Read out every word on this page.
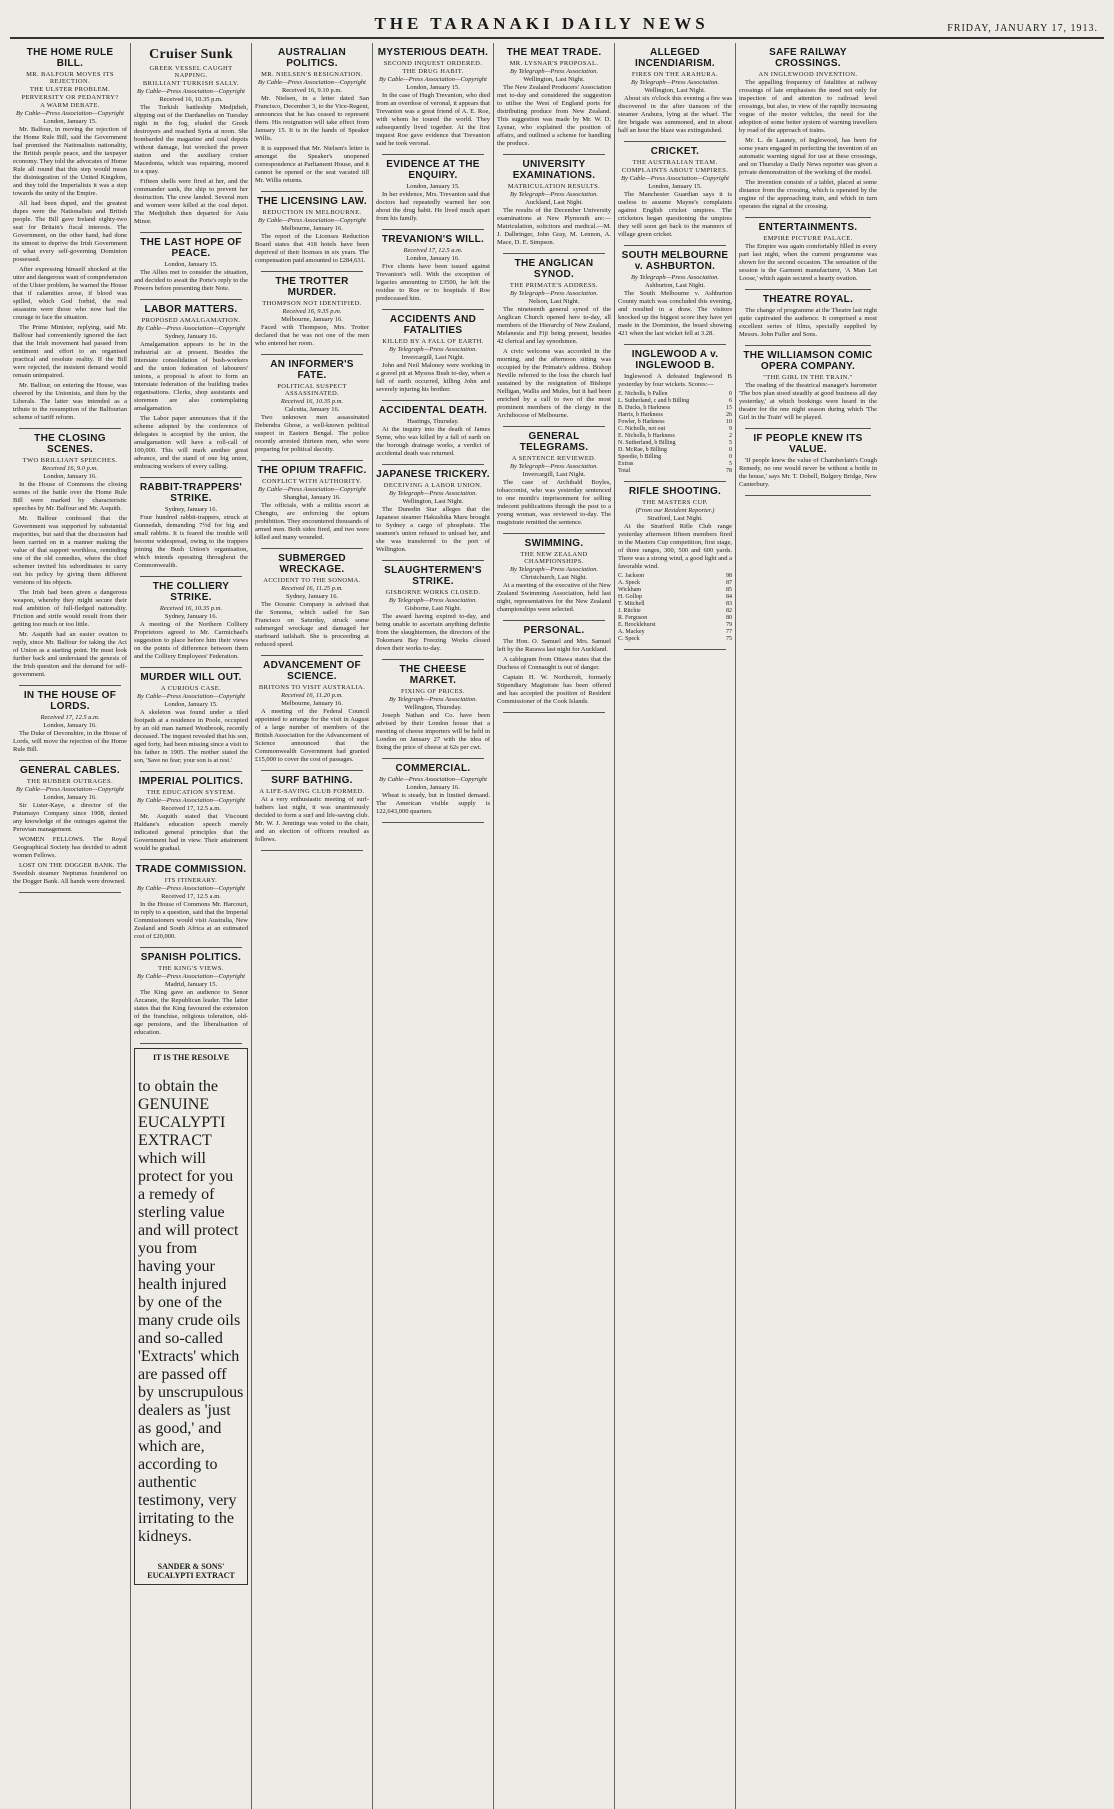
THE TARANAKI DAILY NEWS	FRIDAY, JANUARY 17, 1913.
THE HOME RULE BILL.
MR. BALFOUR MOVES ITS REJECTION.
THE ULSTER PROBLEM.
PERVERSITY OR PEDANTRY?
A WARM DEBATE.
By Cable—Press Association—Copyright
London, January 15.

Mr. Balfour, in moving the rejection of the Home Rule Bill, said the Government had promised the Nationalists nationality, the British people peace, and the taxpayer economy. They told the advocates of Home Rule all round that this step would mean the disintegration of the United Kingdom, and they told the Imperialists it was a step towards the unity of the Empire.

All had been duped, and the greatest dupes were the Nationalists and British people. The Bill gave Ireland eighty-two seat for Britain's fiscal interests. The Government, on the other hand, had done its utmost to deprive the Irish Government of what every self-governing Dominion possessed.

After expressing himself shocked at the utter and dangerous want of comprehension of the Ulster problem, he warned the House that if calamities arose, if blood was spilled, which God forbid, the real assassins were those who now had the courage to face the situation.

The Prime Minister, replying, said Mr. Balfour had conveniently ignored the fact that the Irish movement had passed from sentiment and effort to an organised practical and resolute reality. If the Bill were rejected, the insistent demand would remain unimpaired.

Mr. Balfour, on entering the House, was cheered by the Unionists, and then by the Liberals. The latter was intended as a tribute to the resumption of the Balfourian scheme of tariff reform.

THE CLOSING SCENES.
TWO BRILLIANT SPEECHES.
Received 16, 9.0 p.m.
London, January 16.

In the House of Commons the closing scenes of the battle over the Home Rule Bill were marked by characteristic speeches by Mr. Balfour and Mr. Asquith.

Mr. Balfour confessed that the Government was supported by substantial majorities, but said that the discussion had been carried on in a manner making the value of that support worthless, reminding one of the old comedies, where the chief schemer invited his subordinates to carry out his policy by giving them different versions of his objects.

The Irish had been given a dangerous weapon, whereby they might secure their real ambition of full-fledged nationality. Friction and strife would result from their getting too much or too little.

Mr. Asquith had an easier ovation to reply, since Mr. Balfour for taking the Act of Union as a starting point. He must look further back and understand the genesis of the Irish question and the demand for self-government.

IN THE HOUSE OF LORDS.
Received 17, 12.5 a.m.
London, January 16.

The Duke of Devonshire, in the House of Lords, will move the rejection of the Home Rule Bill.

GENERAL CABLES.
THE RUBBER OUTRAGES.
By Cable—Press Association—Copyright
London, January 16.

Sir Lister-Kaye, a director of the Putumayo Company since 1908, denied any knowledge of the outrages against the Peruvian management.

WOMEN FELLOWS. The Royal Geographical Society has decided to admit women Fellows.

LOST ON THE DOGGER BANK. The Swedish steamer Neptunus foundered on the Dogger Bank. All hands were drowned.

Cruiser Sunk
GREEK VESSEL CAUGHT NAPPING.
BRILLIANT TURKISH SALLY.
By Cable—Press Association—Copyright
Received 16, 10.35 p.m.

The Turkish battleship Medjidieh, slipping out of the Dardanelles on Tuesday night in the fog, eluded the Greek destroyers and reached Syria at noon. She bombarded the magazine and coal depots without damage, but wrecked the power station and the auxiliary cruiser Macedonia, which was repairing, moored to a quay.

Fifteen shells were fired at her, and the commander sank, the ship to prevent her destruction. The crew landed. Several men and women were killed at the coal depot. The Medjidieh then departed for Asia Minor.

THE LAST HOPE OF PEACE.
London, January 15.

The Allies met to consider the situation, and decided to await the Porte's reply to the Powers before presenting their Note.

LABOR MATTERS.
PROPOSED AMALGAMATION.
By Cable—Press Association—Copyright
Sydney, January 16.

Amalgamation appears to be in the industrial air at present. Besides the interstate consolidation of bush-workers and the union federation of labourers' unions, a proposal is afoot to form an interstate federation of the building trades organisations. Clerks, shop assistants and storemen are also contemplating amalgamation.

The Labor paper announces that if the scheme adopted by the conference of delegates is accepted by the union, the amalgamation will have a roll-call of 100,000. This will mark another great advance, and the stand of one big union, embracing workers of every calling.

RABBIT-TRAPPERS' STRIKE.
Sydney, January 16.

Four hundred rabbit-trappers, struck at Gunnedah, demanding 7½d for big and small rabbits. It is feared the trouble will become widespread, owing to the trappers joining the Bush Union's organisation, which intends operating throughout the Commonwealth.

THE COLLIERY STRIKE.
Received 16, 10.35 p.m.
Sydney, January 16.

A meeting of the Northern Colliery Proprietors agreed to Mr. Carmichael's suggestion to place before him their views on the points of difference between them and the Colliery Employees' Federation.

MURDER WILL OUT.
A CURIOUS CASE.
By Cable—Press Association—Copyright
London, January 15.

A skeleton was found under a tiled footpath at a residence in Poole, occupied by an old man named Westbrook, recently deceased. The inquest revealed that his son, aged forty, had been missing since a visit to his father in 1905. The mother stated the son, 'Save no fear; your son is at rest.'

IMPERIAL POLITICS.
THE EDUCATION SYSTEM.
By Cable—Press Association—Copyright
Received 17, 12.5 a.m.

Mr. Asquith stated that Viscount Haldane's education speech merely indicated general principles that the Government had in view. Their attainment would be gradual.

TRADE COMMISSION.
ITS ITINERARY.
By Cable—Press Association—Copyright
Received 17, 12.5 a.m.

In the House of Commons Mr. Harcourt, in reply to a question, said that the Imperial Commissioners would visit Australia, New Zealand and South Africa at an estimated cost of £20,000.

SPANISH POLITICS.
THE KING'S VIEWS.
By Cable—Press Association—Copyright
Madrid, January 15.

The King gave an audience to Senor Azcarate, the Republican leader. The latter states that the King favoured the extension of the franchise, religious toleration, old-age pensions, and the liberalisation of education.

IT IS THE RESOLVE

to obtain the GENUINE EUCALYPTI EXTRACT which will protect for you a remedy of sterling value and will protect you from having your health injured by one of the many crude oils and so-called 'Extracts' which are passed off by unscrupulous dealers as 'just as good,' and which are, according to authentic testimony, very irritating to the kidneys.

SANDER & SONS' EUCALYPTI EXTRACT
AUSTRALIAN POLITICS.
MR. NIELSEN'S RESIGNATION.
By Cable—Press Association—Copyright
Received 16, 9.10 p.m.

Mr. Nielsen, in a letter dated San Francisco, December 3, to the Vice-Regent, announces that he has ceased to represent them. His resignation will take effect from January 15. It is in the hands of Speaker Willis.

It is supposed that Mr. Nielsen's letter is amongst the Speaker's unopened correspondence at Parliament House, and it cannot be opened or the seat vacated till Mr. Willis returns.

THE LICENSING LAW.
REDUCTION IN MELBOURNE.
By Cable—Press Association—Copyright
Melbourne, January 16.

The report of the Licenses Reduction Board states that 418 hotels have been deprived of their licenses in six years. The compensation paid amounted to £284,631.

THE TROTTER MURDER.
THOMPSON NOT IDENTIFIED.
Received 16, 9.35 p.m.
Melbourne, January 16.

Faced with Thompson, Mrs. Trotter declared that he was not one of the men who entered her room.

AN INFORMER'S FATE.
POLITICAL SUSPECT ASSASSINATED.
Received 16, 10.35 p.m.
Calcutta, January 16.

Two unknown men assassinated Debendra Ghose, a well-known political suspect in Eastern Bengal. The police recently arrested thirteen men, who were preparing for political dacoity.

THE OPIUM TRAFFIC.
CONFLICT WITH AUTHORITY.
By Cable—Press Association—Copyright
Shanghai, January 16.

The officials, with a militia escort at Chengtu, are enforcing the opium prohibition. They encountered thousands of armed men. Both sides fired, and two were killed and many wounded.

SUBMERGED WRECKAGE.
ACCIDENT TO THE SONOMA.
Received 16, 11.25 p.m.
Sydney, January 16.

The Oceanic Company is advised that the Sonoma, which sailed for San Francisco on Saturday, struck some submerged wreckage and damaged her starboard tailshaft. She is proceeding at reduced speed.

ADVANCEMENT OF SCIENCE.
BRITONS TO VISIT AUSTRALIA.
Received 16, 11.20 p.m.
Melbourne, January 16.

A meeting of the Federal Council appointed to arrange for the visit in August of a large number of members of the British Association for the Advancement of Science announced that the Commonwealth Government had granted £15,000 to cover the cost of passages.

SURF BATHING.
A LIFE-SAVING CLUB FORMED.

At a very enthusiastic meeting of surf-bathers last night, it was unanimously decided to form a surf and life-saving club. Mr. W. J. Jennings was voted to the chair, and an election of officers resulted as follows.

MYSTERIOUS DEATH.
SECOND INQUEST ORDERED.
THE DRUG HABIT.
By Cable—Press Association—Copyright
London, January 15.

In the case of Hugh Trevanion, who died from an overdose of veronal, it appears that Trevanion was a great friend of A. E. Roe, with whom he toured the world. They subsequently lived together. At the first inquest Roe gave evidence that Trevanion said he took veronal.

EVIDENCE AT THE ENQUIRY.
London, January 15.

In her evidence, Mrs. Trevanion said that doctors had repeatedly warned her son about the drug habit. He lived much apart from his family.

TREVANION'S WILL.
Received 17, 12.5 a.m.
London, January 16.

Five clients have been issued against Trevanion's will. With the exception of legacies amounting to £3500, he left the residue to Roe or to hospitals if Roe predeceased him.

ACCIDENTS AND FATALITIES
KILLED BY A FALL OF EARTH.
By Telegraph—Press Association.
Invercargill, Last Night.

John and Neil Maloney were working in a gravel pit at Mysoss Bush to-day, when a fall of earth occurred, killing John and severely injuring his brother.

ACCIDENTAL DEATH.
Hastings, Thursday.

At the inquiry into the death of James Syme, who was killed by a fall of earth on the borough drainage works, a verdict of accidental death was returned.

JAPANESE TRICKERY.
DECEIVING A LABOR UNION.
By Telegraph—Press Association.
Wellington, Last Night.

The Dunedin Star alleges that the Japanese steamer Hakushika Maru brought to Sydney a cargo of phosphate. The seamen's union refused to unload her, and she was transferred to the port of Wellington.

SLAUGHTERMEN'S STRIKE.
GISBORNE WORKS CLOSED.
By Telegraph—Press Association.
Gisborne, Last Night.

The award having expired to-day, and being unable to ascertain anything definite from the slaughtermen, the directors of the Tokomaru Bay Freezing Works closed down their works to-day.

THE CHEESE MARKET.
FIXING OF PRICES.
By Telegraph—Press Association.
Wellington, Thursday.

Joseph Nathan and Co. have been advised by their London house that a meeting of cheese importers will be held in London on January 27 with the idea of fixing the price of cheese at 62s per cwt.

COMMERCIAL.
By Cable—Press Association—Copyright
London, January 16.

Wheat is steady, but in limited demand. The American visible supply is 122,643,000 quarters.

THE MEAT TRADE.
MR. LYSNAR'S PROPOSAL.
By Telegraph—Press Association.
Wellington, Last Night.

The New Zealand Producers' Association met to-day and considered the suggestion to utilise the West of England ports for distributing produce from New Zealand. This suggestion was made by Mr. W. D. Lysnar, who explained the position of affairs, and outlined a scheme for handling the produce.

UNIVERSITY EXAMINATIONS.
MATRICULATION RESULTS.
By Telegraph—Press Association.
Auckland, Last Night.

The results of the December University examinations at New Plymouth are:—Matriculation, solicitors and medical.—M. J. Dalbringer, John Gray, M. Lennon, A. Mace, D. E. Simpson.

THE ANGLICAN SYNOD.
THE PRIMATE'S ADDRESS.
By Telegraph—Press Association.
Nelson, Last Night.

The nineteenth general synod of the Anglican Church opened here to-day, all members of the Hierarchy of New Zealand, Melanesia and Fiji being present, besides 42 clerical and lay synodsmen.

A civic welcome was accorded in the morning, and the afternoon sitting was occupied by the Primate's address. Bishop Neville referred to the loss the church had sustained by the resignation of Bishops Nelligan, Wallis and Mules, but it had been enriched by a call to two of the most prominent members of the clergy in the Archdiocese of Melbourne.

GENERAL TELEGRAMS.
A SENTENCE REVIEWED.
By Telegraph—Press Association.
Invercargill, Last Night.

The case of Archibald Boyles, tobacconist, who was yesterday sentenced to one month's imprisonment for selling indecent publications through the post to a young woman, was reviewed to-day. The magistrate remitted the sentence.

SWIMMING.
THE NEW ZEALAND CHAMPIONSHIPS.
By Telegraph—Press Association.
Christchurch, Last Night.

At a meeting of the executive of the New Zealand Swimming Association, held last night, representatives for the New Zealand championships were selected.

PERSONAL.

The Hon. O. Samuel and Mrs. Samuel left by the Rarawa last night for Auckland.

A cablegram from Ottawa states that the Duchess of Connaught is out of danger.

Captain H. W. Northcroft, formerly Stipendiary Magistrate has been offered and has accepted the position of Resident Commissioner of the Cook Islands.

ALLEGED INCENDIARISM.
FIRES ON THE ARAHURA.
By Telegraph—Press Association.
Wellington, Last Night.

About six o'clock this evening a fire was discovered in the after tiansom of the steamer Arahura, lying at the wharf. The fire brigade was summoned, and in about half an hour the blaze was extinguished.

CRICKET.
THE AUSTRALIAN TEAM.
COMPLAINTS ABOUT UMPIRES.
By Cable—Press Association—Copyright
London, January 15.

The Manchester Guardian says it is useless to assume Mayne's complaints against English cricket umpires. The cricketers began questioning the umpires they will soon get back to the manners of village green cricket.

SOUTH MELBOURNE v. ASHBURTON.
By Telegraph—Press Association.
Ashburton, Last Night.

The South Melbourne v. Ashburton County match was concluded this evening, and resulted in a draw. The visitors knocked up the biggest score they have yet made in the Dominion, the board showing 421 when the last wicket fell at 3.28.

INGLEWOOD A v. INGLEWOOD B.

Inglewood A defeated Inglewood B yesterday by four wickets. Scores:—

E. Nicholls, b Pallen	0
L. Sutherland, c and b Billing	6
B. Ducks, b Harkness	15
Harris, b Harkness	26
Fowler, b Harkness	10
C. Nicholls, not out	9
E. Nicholls, b Harkness	2
N. Sutherland, b Billing	5
D. McRae, b Billing	0
Speedie, b Billing	0
Extras	5
Total	78
RIFLE SHOOTING.
THE MASTERS CUP.
(From our Resident Reporter.)
Stratford, Last Night.

At the Stratford Rifle Club range yesterday afternoon fifteen members fired in the Masters Cup competition, first stage, of three ranges, 300, 500 and 600 yards. There was a strong wind, a good light and a favorable wind.

C. Jackson	98
A. Speck	87
Wickham	85
H. Gollop	84
T. Mitchell	83
J. Ritchie	82
R. Ferguson	80
E. Brocklehurst	79
A. Mackey	77
C. Speck	75
SAFE RAILWAY CROSSINGS.
AN INGLEWOOD INVENTION.

The appalling frequency of fatalities at railway crossings of late emphasises the need not only for inspection of and attention to railroad level crossings, but also, in view of the rapidly increasing vogue of the motor vehicles, the need for the adoption of some better system of warning travellers by road of the approach of trains.

Mr. L. de Launey, of Inglewood, has been for some years engaged in perfecting the invention of an automatic warning signal for use at these crossings, and on Thursday a Daily News reporter was given a private demonstration of the working of the model.

The invention consists of a tablet, placed at some distance from the crossing, which is operated by the engine of the approaching train, and which in turn operates the signal at the crossing.

ENTERTAINMENTS.
EMPIRE PICTURE PALACE.

The Empire was again comfortably filled in every part last night, when the current programme was shown for the second occasion. The sensation of the session is the Garment manufacturer, 'A Man Let Loose,' which again secured a hearty ovation.

THEATRE ROYAL.

The change of programme at the Theatre last night quite captivated the audience. It comprised a most excellent series of films, specially supplied by Messrs. John Fuller and Sons.

THE WILLIAMSON COMIC OPERA COMPANY.
"THE GIRL IN THE TRAIN."

The reading of the theatrical manager's barometer 'The box plan stood steadily at good business all day yesterday,' at which bookings were heard in the theatre for the one night season during which 'The Girl in the Train' will be played.

IF PEOPLE KNEW ITS VALUE.

'If people knew the value of Chamberlain's Cough Remedy, no one would never be without a bottle in the house,' says Mr. T. Dobell, Bulgery Bridge, New Canterbury.
